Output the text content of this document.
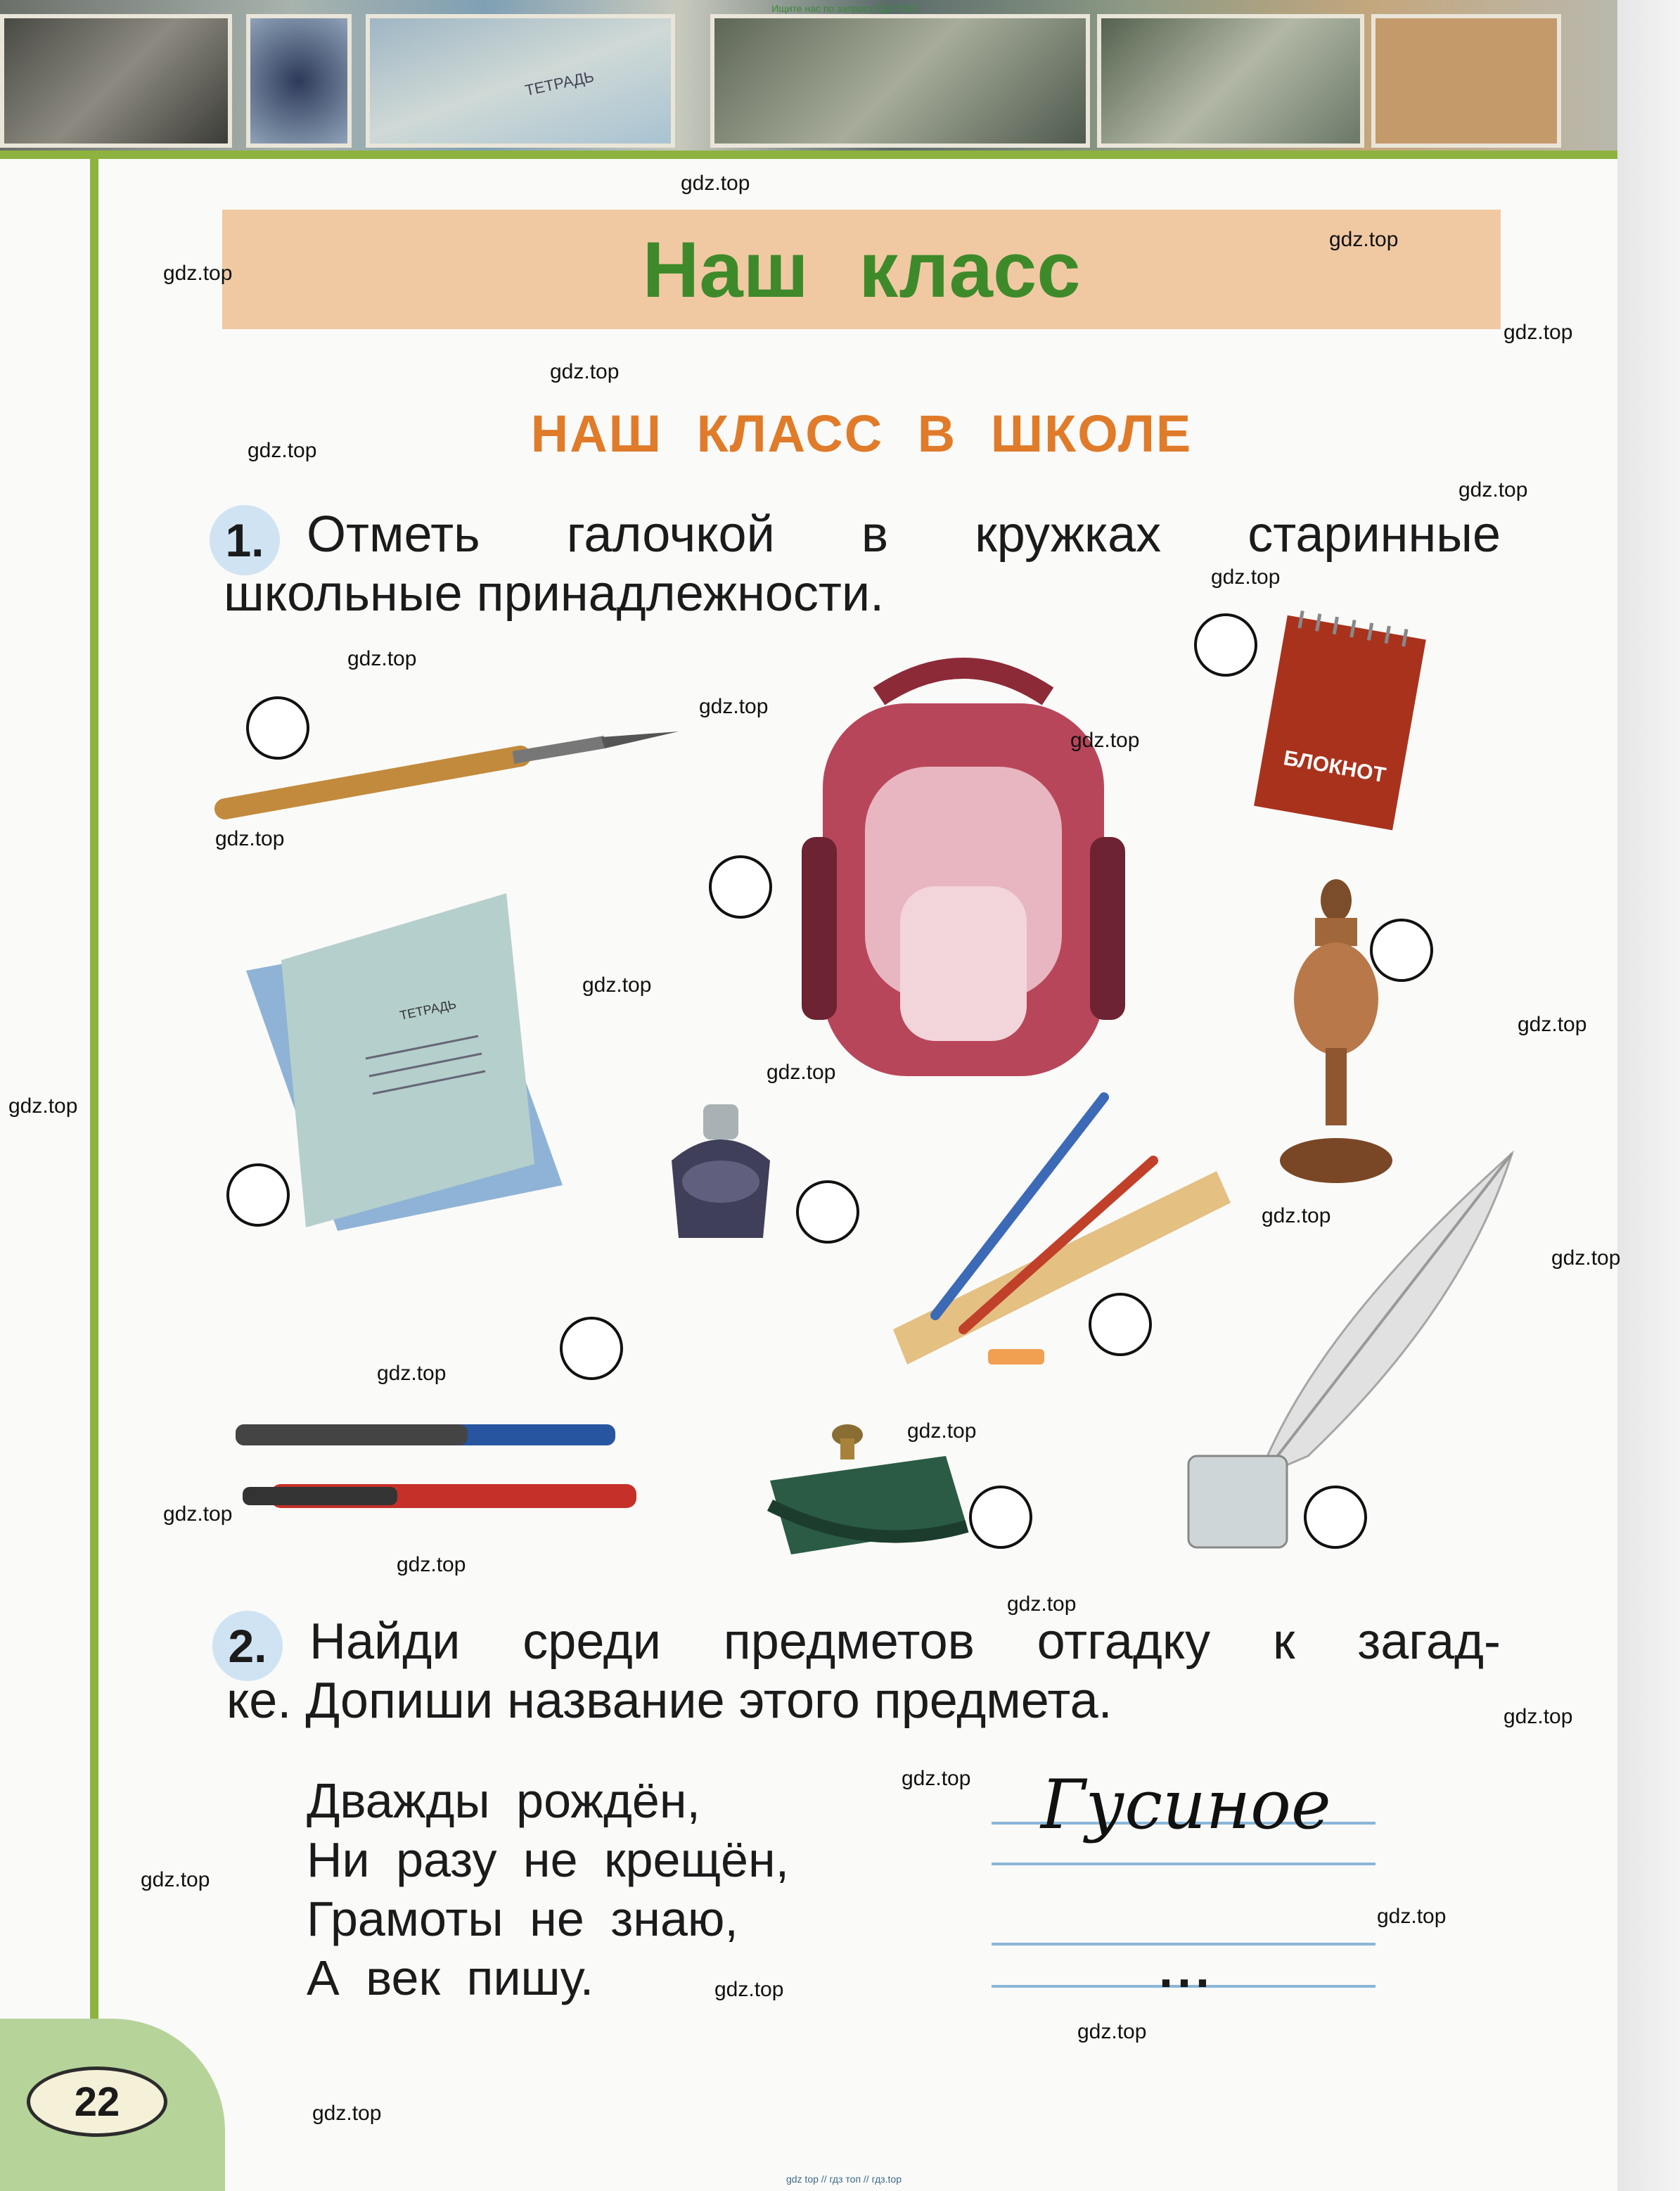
ТЕТРАДЬ
Ищите нас по запросу ГДЗ ТОП
22
Наш класс
НАШ КЛАСС В ШКОЛЕ
1. Отметь галочкой в кружках старинные
школьные принадлежности.
БЛОКНОТ
ТЕТРАДЬ
2. Найди среди предметов отгадку к загад-
ке. Допиши название этого предмета.
Дважды рождён,
Ни разу не крещён,
Грамоты не знаю,
А век пишу.
Гусиное
...
gdz.top
gdz.top
gdz.top
gdz.top
gdz.top
gdz.top
gdz.top
gdz.top
gdz.top
gdz.top
gdz.top
gdz.top
gdz.top
gdz.top
gdz.top
gdz.top
gdz.top
gdz.top
gdz.top
gdz.top
gdz.top
gdz.top
gdz.top
gdz.top
gdz.top
gdz.top
gdz.top
gdz.top
gdz.top
gdz.top
gdz top // гдз топ // гдз.top
